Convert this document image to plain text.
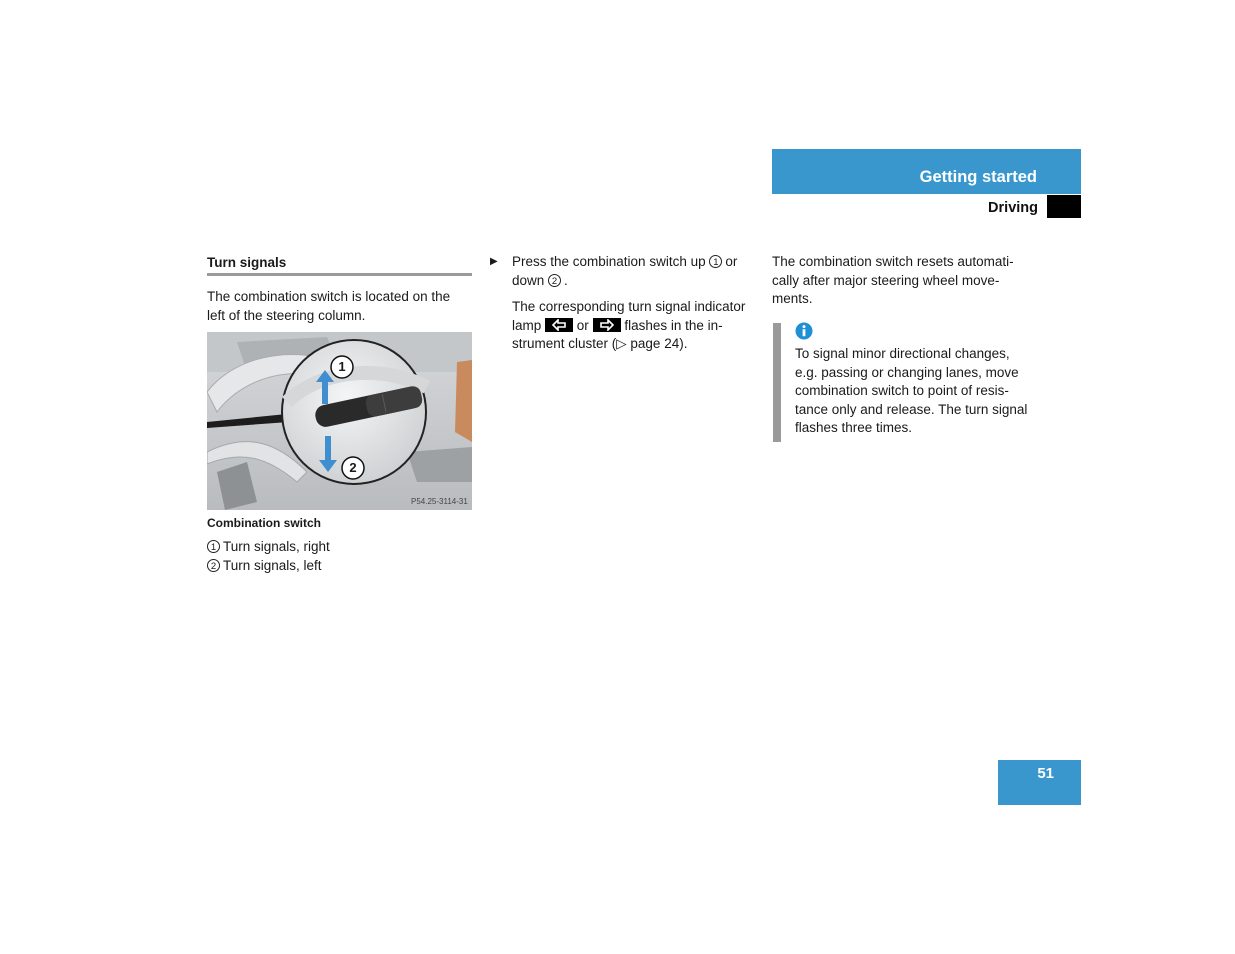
Getting started
Driving
Turn signals
The combination switch is located on the
left of the steering column.
1
2
P54.25-3114-31
Combination switch
1 Turn signals, right
2 Turn signals, left
▶ Press the combination switch up 1 or
down 2 .
The corresponding turn signal indicator
lamp	or	flashes in the in-
strument cluster (▷ page 24).
The combination switch resets automati-
cally after major steering wheel move-
ments.
To signal minor directional changes,
e.g. passing or changing lanes, move
combination switch to point of resis-
tance only and release. The turn signal
flashes three times.
51
